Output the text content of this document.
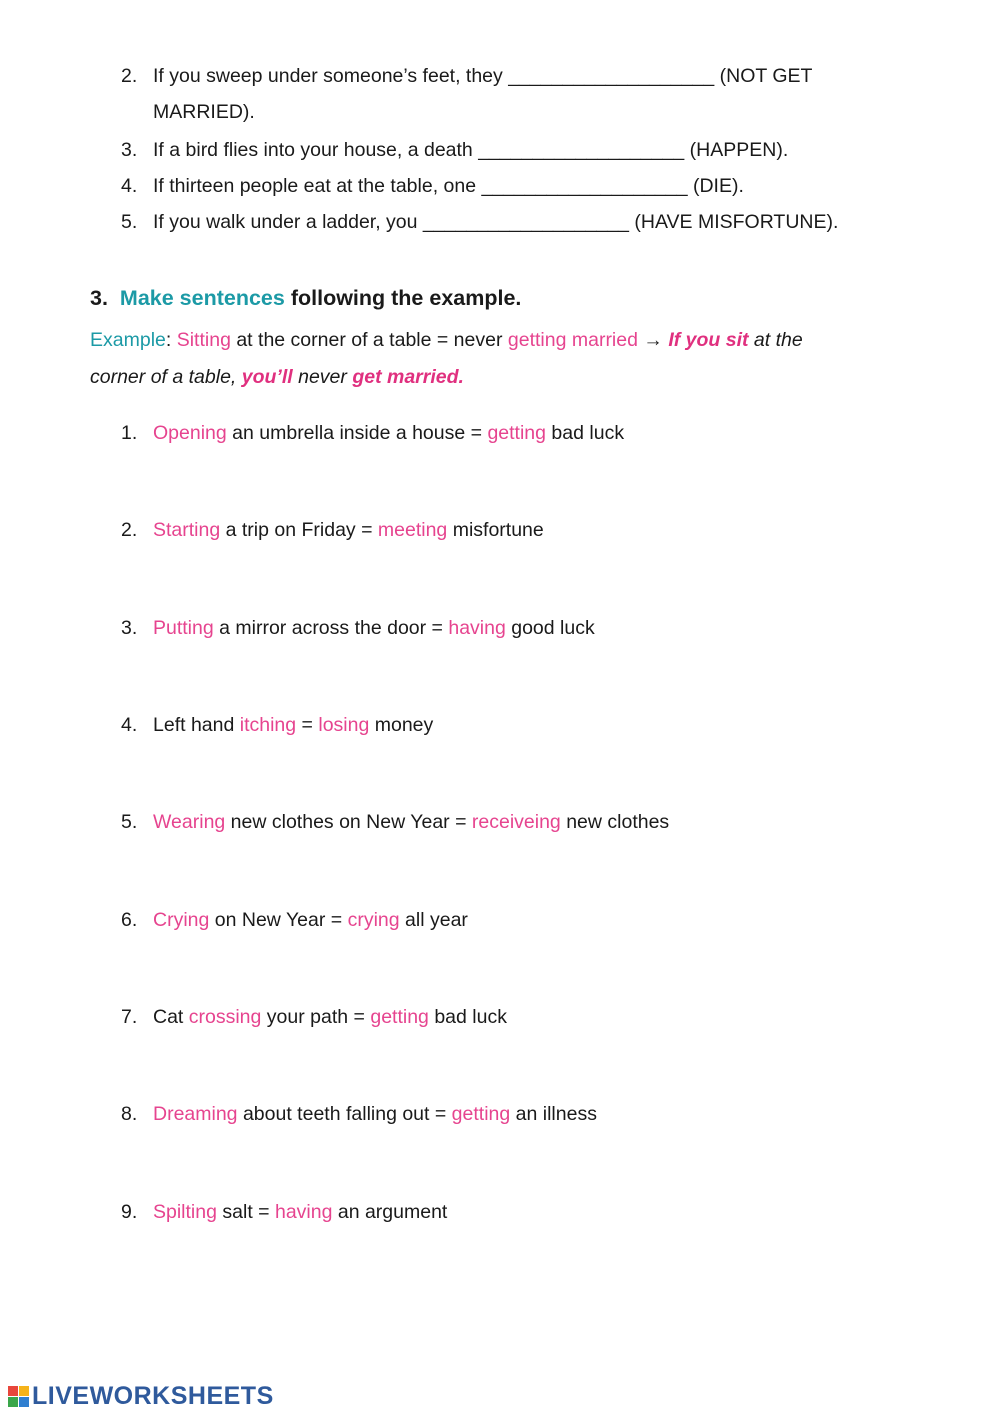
2. If you sweep under someone’s feet, they ___________________ (NOT GET
MARRIED).
3. If a bird flies into your house, a death ___________________ (HAPPEN).
4. If thirteen people eat at the table, one ___________________ (DIE).
5. If you walk under a ladder, you ___________________ (HAVE MISFORTUNE).
3. Make sentences following the example.
Example: Sitting at the corner of a table = never getting married → If you sit at the
corner of a table, you’ll never get married.
1. Opening an umbrella inside a house = getting bad luck
2. Starting a trip on Friday = meeting misfortune
3. Putting a mirror across the door = having good luck
4. Left hand itching = losing money
5. Wearing new clothes on New Year = receiveing new clothes
6. Crying on New Year = crying all year
7. Cat crossing your path = getting bad luck
8. Dreaming about teeth falling out = getting an illness
9. Spilting salt = having an argument
LIVEWORKSHEETS
